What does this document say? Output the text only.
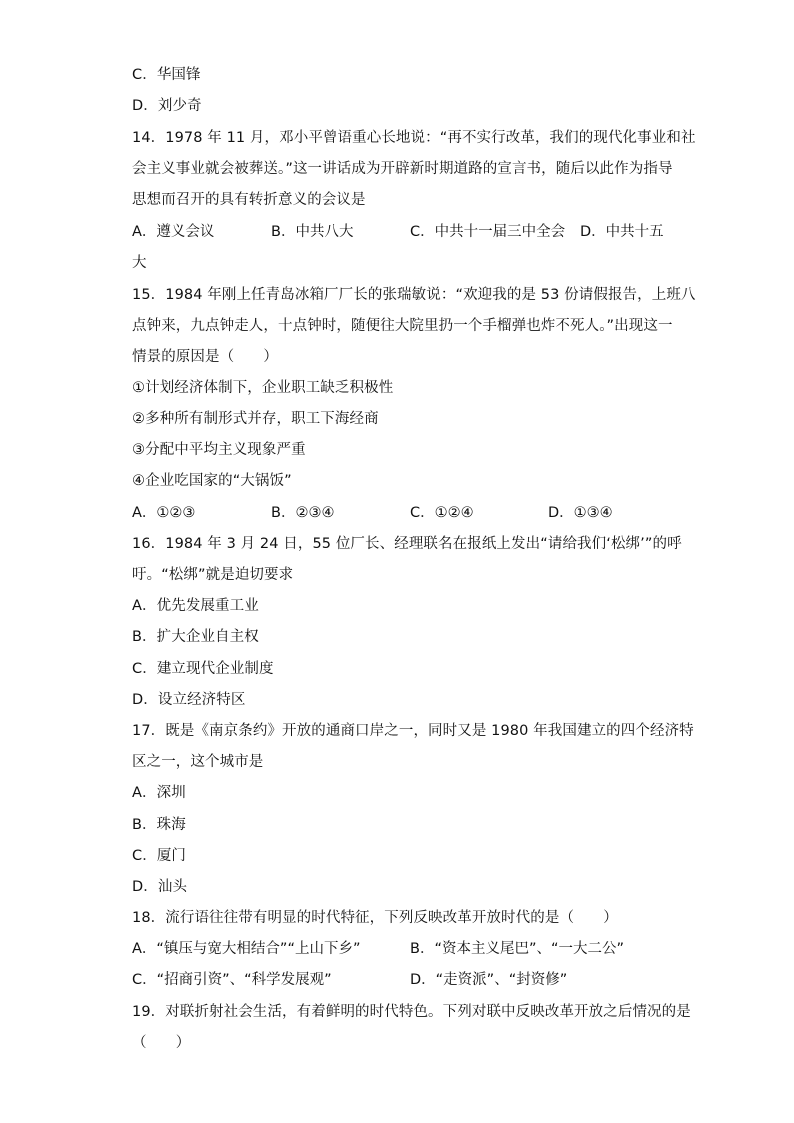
C．华国锋
D．刘少奇
14．1978 年 11 月，邓小平曾语重心长地说：“再不实行改革，我们的现代化事业和社
会主义事业就会被葬送。”这一讲话成为开辟新时期道路的宣言书，随后以此作为指导
思想而召开的具有转折意义的会议是
A．遵义会议	B．中共八大	C．中共十一届三中全会 D．中共十五
大
15．1984 年刚上任青岛冰箱厂厂长的张瑞敏说：“欢迎我的是 53 份请假报告，上班八
点钟来，九点钟走人，十点钟时，随便往大院里扔一个手榴弹也炸不死人。”出现这一
情景的原因是（　　）
①计划经济体制下，企业职工缺乏积极性
②多种所有制形式并存，职工下海经商
③分配中平均主义现象严重
④企业吃国家的“大锅饭”
A．①②③	B．②③④	C．①②④	D．①③④
16．1984 年 3 月 24 日，55 位厂长、经理联名在报纸上发出“请给我们‘松绑’”的呼
吁。“松绑”就是迫切要求
A．优先发展重工业
B．扩大企业自主权
C．建立现代企业制度
D．设立经济特区
17．既是《南京条约》开放的通商口岸之一，同时又是 1980 年我国建立的四个经济特
区之一，这个城市是
A．深圳
B．珠海
C．厦门
D．汕头
18．流行语往往带有明显的时代特征，下列反映改革开放时代的是（　　）
A．“镇压与宽大相结合”“上山下乡”	B．“资本主义尾巴”、“一大二公”
C．“招商引资”、“科学发展观”	D．“走资派”、“封资修”
19．对联折射社会生活，有着鲜明的时代特色。下列对联中反映改革开放之后情况的是
（　　）
